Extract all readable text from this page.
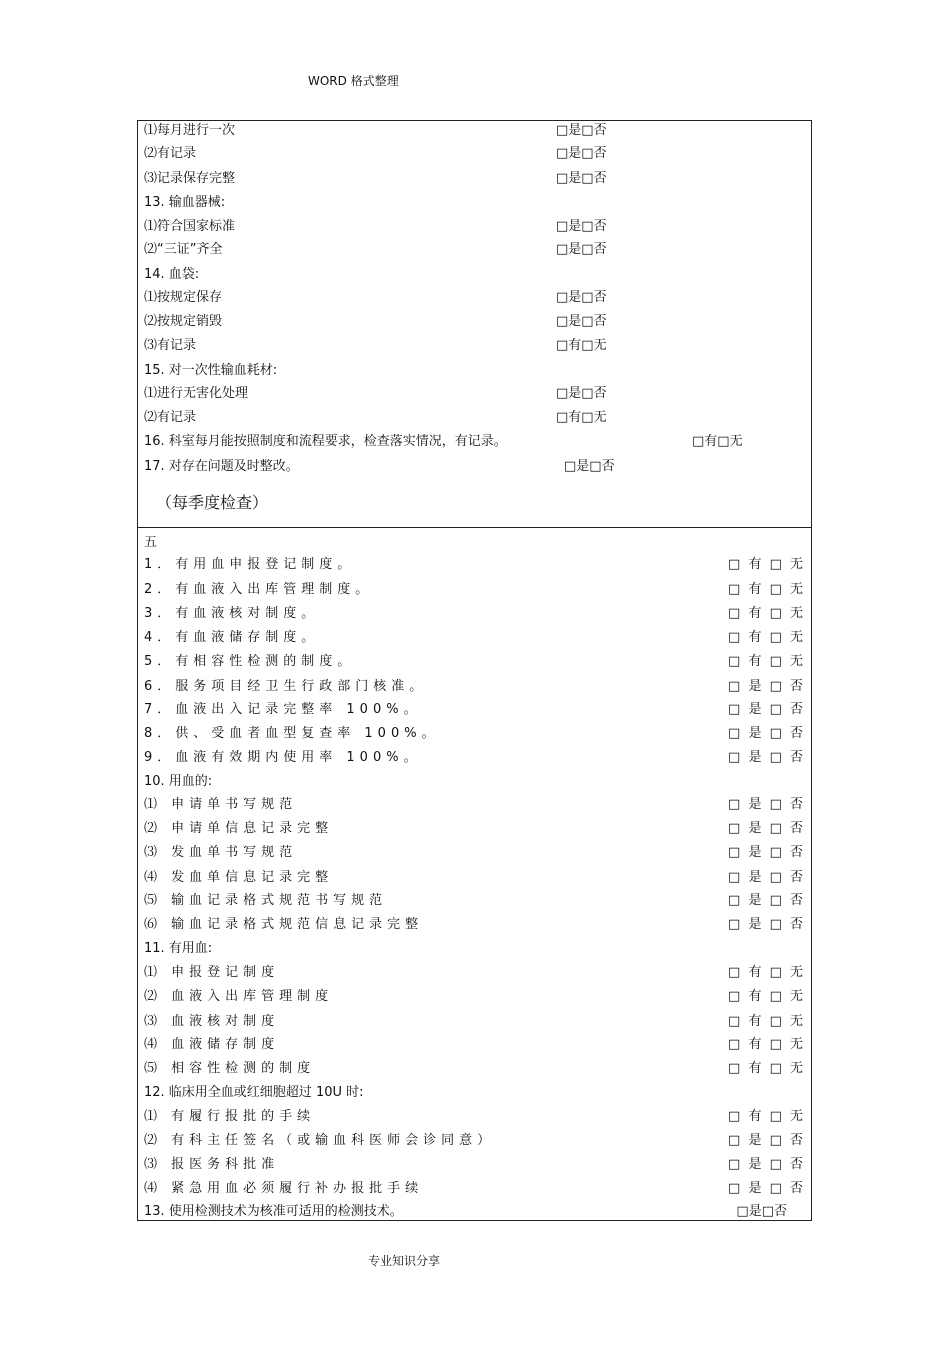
WORD 格式整理
⑴每月进行一次	□是□否
⑵有记录	□是□否
⑶记录保存完整	□是□否
13. 输血器械:
⑴符合国家标准	□是□否
⑵“三证”齐全	□是□否
14. 血袋:
⑴按规定保存	□是□否
⑵按规定销毁	□是□否
⑶有记录	□有□无
15. 对一次性输血耗材:
⑴进行无害化处理	□是□否
⑵有记录	□有□无
16. 科室每月能按照制度和流程要求，检查落实情况，有记录。	□有□无
17. 对存在问题及时整改。	□是□否
（每季度检查）
五
1．有用血申报登记制度。	□ 有 □ 无
2．有血液入出库管理制度。	□ 有 □ 无
3．有血液核对制度。	□ 有 □ 无
4．有血液储存制度。	□ 有 □ 无
5．有相容性检测的制度。	□ 有 □ 无
6．服务项目经卫生行政部门核准。	□ 是 □ 否
7．血液出入记录完整率 100%。	□ 是 □ 否
8．供、受血者血型复查率 100%。	□ 是 □ 否
9．血液有效期内使用率 100%。	□ 是 □ 否
10. 用血的:
⑴ 申请单书写规范	□ 是 □ 否
⑵ 申请单信息记录完整	□ 是 □ 否
⑶ 发血单书写规范	□ 是 □ 否
⑷ 发血单信息记录完整	□ 是 □ 否
⑸ 输血记录格式规范书写规范	□ 是 □ 否
⑹ 输血记录格式规范信息记录完整	□ 是 □ 否
11. 有用血:
⑴ 申报登记制度	□ 有 □ 无
⑵ 血液入出库管理制度	□ 有 □ 无
⑶ 血液核对制度	□ 有 □ 无
⑷ 血液储存制度	□ 有 □ 无
⑸ 相容性检测的制度	□ 有 □ 无
12. 临床用全血或红细胞超过 10U 时:
⑴ 有履行报批的手续	□ 有 □ 无
⑵ 有科主任签名（或输血科医师会诊同意）	□ 是 □ 否
⑶ 报医务科批准	□ 是 □ 否
⑷ 紧急用血必须履行补办报批手续	□ 是 □ 否
13. 使用检测技术为核准可适用的检测技术。	□是□否
专业知识分享
